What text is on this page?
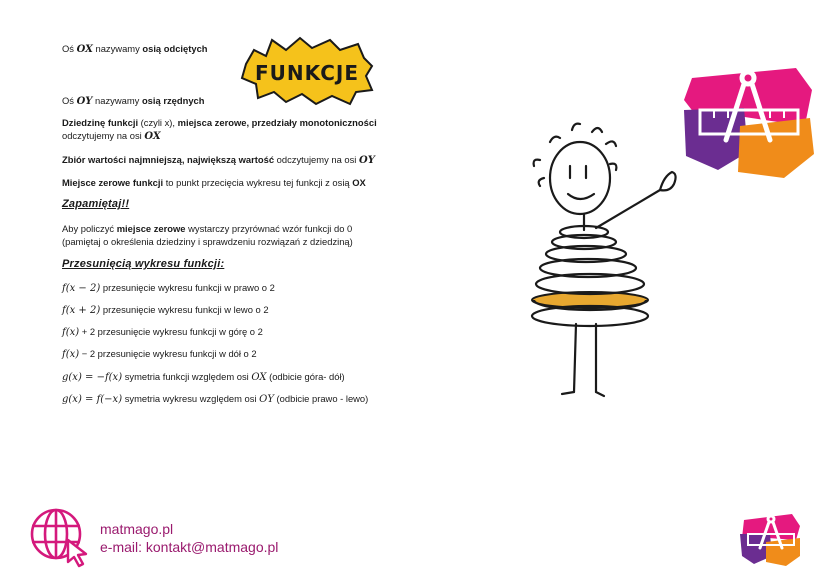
FUNKCJE
Oś OX nazywamy osią odciętych
Oś OY nazywamy osią rzędnych
Dziedzinę funkcji (czyli x), miejsca zerowe, przedziały monotoniczności
odczytujemy na osi OX
Zbiór wartości najmniejszą, największą wartość odczytujemy na osi OY
Miejsce zerowe funkcji to punkt przecięcia wykresu tej funkcji z osią OX
Zapamiętaj!!
Aby policzyć miejsce zerowe wystarczy przyrównać wzór funkcji do 0
(pamiętaj o określenia dziedziny i sprawdzeniu rozwiązań z dziedziną)
Przesunięcią wykresu funkcji:
f(x − 2) przesunięcie wykresu funkcji w prawo o 2
f(x + 2) przesunięcie wykresu funkcji w lewo o 2
f(x) + 2 przesunięcie wykresu funkcji w górę o 2
f(x) − 2 przesunięcie wykresu funkcji w dół o 2
g(x) = −f(x) symetria funkcji względem osi OX (odbicie góra- dół)
g(x) = f(−x) symetria wykresu względem osi OY (odbicie prawo - lewo)
matmago.pl
e-mail: kontakt@matmago.pl
